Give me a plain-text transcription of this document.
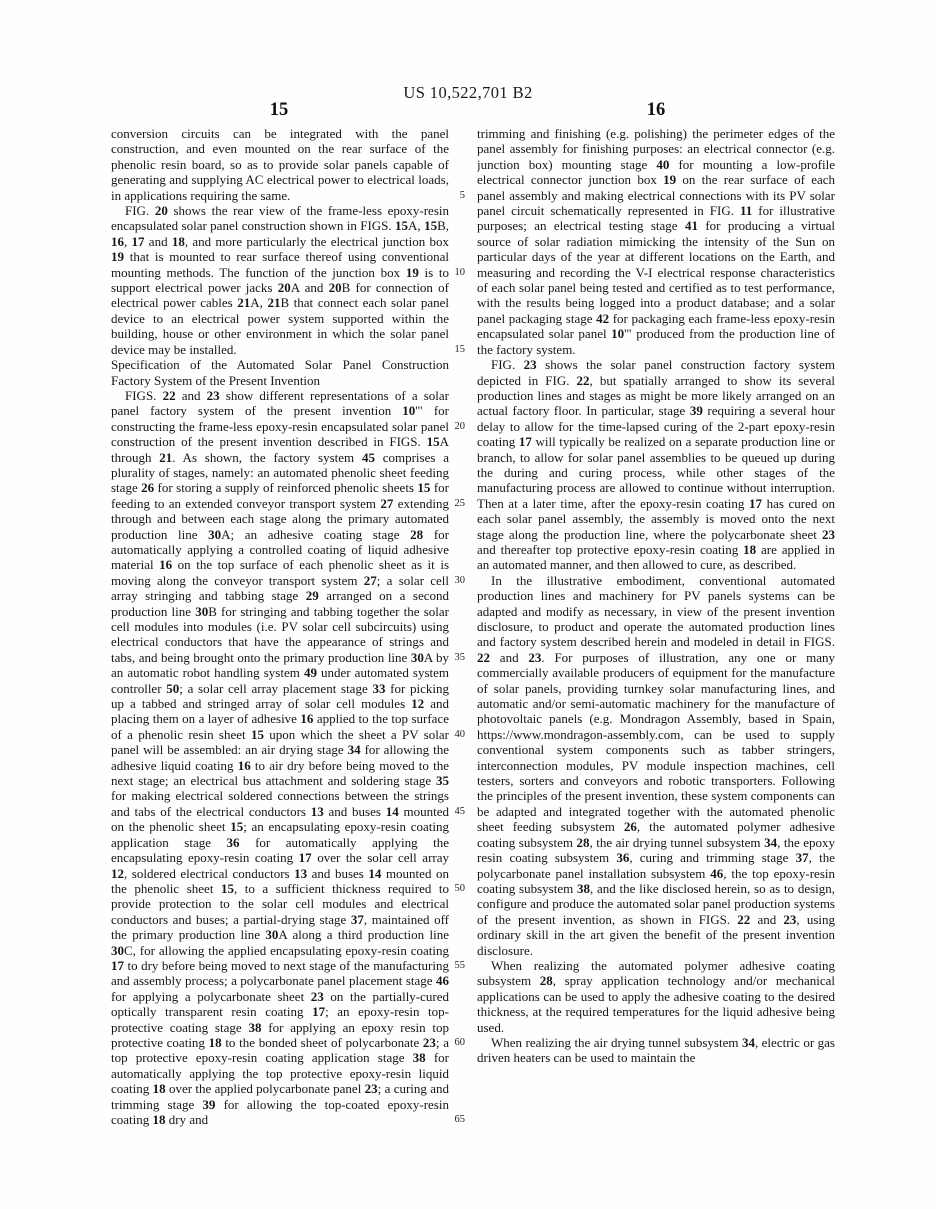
US 10,522,701 B2
15	16
5
10
15
20
25
30
35
40
45
50
55
60
65

conversion circuits can be integrated with the panel construction, and even mounted on the rear surface of the phenolic resin board, so as to provide solar panels capable of generating and supplying AC electrical power to electrical loads, in applications requiring the same.

FIG. 20 shows the rear view of the frame-less epoxy-resin encapsulated solar panel construction shown in FIGS. 15A, 15B, 16, 17 and 18, and more particularly the electrical junction box 19 that is mounted to rear surface thereof using conventional mounting methods. The function of the junction box 19 is to support electrical power jacks 20A and 20B for connection of electrical power cables 21A, 21B that connect each solar panel device to an electrical power system supported within the building, house or other environment in which the solar panel device may be installed.

Specification of the Automated Solar Panel Construction Factory System of the Present Invention

FIGS. 22 and 23 show different representations of a solar panel factory system of the present invention 10'" for constructing the frame-less epoxy-resin encapsulated solar panel construction of the present invention described in FIGS. 15A through 21. As shown, the factory system 45 comprises a plurality of stages, namely: an automated phenolic sheet feeding stage 26 for storing a supply of reinforced phenolic sheets 15 for feeding to an extended conveyor transport system 27 extending through and between each stage along the primary automated production line 30A; an adhesive coating stage 28 for automatically applying a controlled coating of liquid adhesive material 16 on the top surface of each phenolic sheet as it is moving along the conveyor transport system 27; a solar cell array stringing and tabbing stage 29 arranged on a second production line 30B for stringing and tabbing together the solar cell modules into modules (i.e. PV solar cell subcircuits) using electrical conductors that have the appearance of strings and tabs, and being brought onto the primary production line 30A by an automatic robot handling system 49 under automated system controller 50; a solar cell array placement stage 33 for picking up a tabbed and stringed array of solar cell modules 12 and placing them on a layer of adhesive 16 applied to the top surface of a phenolic resin sheet 15 upon which the sheet a PV solar panel will be assembled: an air drying stage 34 for allowing the adhesive liquid coating 16 to air dry before being moved to the next stage; an electrical bus attachment and soldering stage 35 for making electrical soldered connections between the strings and tabs of the electrical conductors 13 and buses 14 mounted on the phenolic sheet 15; an encapsulating epoxy-resin coating application stage 36 for automatically applying the encapsulating epoxy-resin coating 17 over the solar cell array 12, soldered electrical conductors 13 and buses 14 mounted on the phenolic sheet 15, to a sufficient thickness required to provide protection to the solar cell modules and electrical conductors and buses; a partial-drying stage 37, maintained off the primary production line 30A along a third production line 30C, for allowing the applied encapsulating epoxy-resin coating 17 to dry before being moved to next stage of the manufacturing and assembly process; a polycarbonate panel placement stage 46 for applying a polycarbonate sheet 23 on the partially-cured optically transparent resin coating 17; an epoxy-resin top-protective coating stage 38 for applying an epoxy resin top protective coating 18 to the bonded sheet of polycarbonate 23; a top protective epoxy-resin coating application stage 38 for automatically applying the top protective epoxy-resin liquid coating 18 over the applied polycarbonate panel 23; a curing and trimming stage 39 for allowing the top-coated epoxy-resin coating 18 dry and

trimming and finishing (e.g. polishing) the perimeter edges of the panel assembly for finishing purposes: an electrical connector (e.g. junction box) mounting stage 40 for mounting a low-profile electrical connector junction box 19 on the rear surface of each panel assembly and making electrical connections with its PV solar panel circuit schematically represented in FIG. 11 for illustrative purposes; an electrical testing stage 41 for producing a virtual source of solar radiation mimicking the intensity of the Sun on particular days of the year at different locations on the Earth, and measuring and recording the V-I electrical response characteristics of each solar panel being tested and certified as to test performance, with the results being logged into a product database; and a solar panel packaging stage 42 for packaging each frame-less epoxy-resin encapsulated solar panel 10'" produced from the production line of the factory system.

FIG. 23 shows the solar panel construction factory system depicted in FIG. 22, but spatially arranged to show its several production lines and stages as might be more likely arranged on an actual factory floor. In particular, stage 39 requiring a several hour delay to allow for the time-lapsed curing of the 2-part epoxy-resin coating 17 will typically be realized on a separate production line or branch, to allow for solar panel assemblies to be queued up during the during and curing process, while other stages of the manufacturing process are allowed to continue without interruption. Then at a later time, after the epoxy-resin coating 17 has cured on each solar panel assembly, the assembly is moved onto the next stage along the production line, where the polycarbonate sheet 23 and thereafter top protective epoxy-resin coating 18 are applied in an automated manner, and then allowed to cure, as described.

In the illustrative embodiment, conventional automated production lines and machinery for PV panels systems can be adapted and modify as necessary, in view of the present invention disclosure, to product and operate the automated production lines and factory system described herein and modeled in detail in FIGS. 22 and 23. For purposes of illustration, any one or many commercially available producers of equipment for the manufacture of solar panels, providing turnkey solar manufacturing lines, and automatic and/or semi-automatic machinery for the manufacture of photovoltaic panels (e.g. Mondragon Assembly, based in Spain, https://www.mondragon-assembly.com, can be used to supply conventional system components such as tabber stringers, interconnection modules, PV module inspection machines, cell testers, sorters and conveyors and robotic transporters. Following the principles of the present invention, these system components can be adapted and integrated together with the automated phenolic sheet feeding subsystem 26, the automated polymer adhesive coating subsystem 28, the air drying tunnel subsystem 34, the epoxy resin coating subsystem 36, curing and trimming stage 37, the polycarbonate panel installation subsystem 46, the top epoxy-resin coating subsystem 38, and the like disclosed herein, so as to design, configure and produce the automated solar panel production systems of the present invention, as shown in FIGS. 22 and 23, using ordinary skill in the art given the benefit of the present invention disclosure.

When realizing the automated polymer adhesive coating subsystem 28, spray application technology and/or mechanical applications can be used to apply the adhesive coating to the desired thickness, at the required temperatures for the liquid adhesive being used.

When realizing the air drying tunnel subsystem 34, electric or gas driven heaters can be used to maintain the
